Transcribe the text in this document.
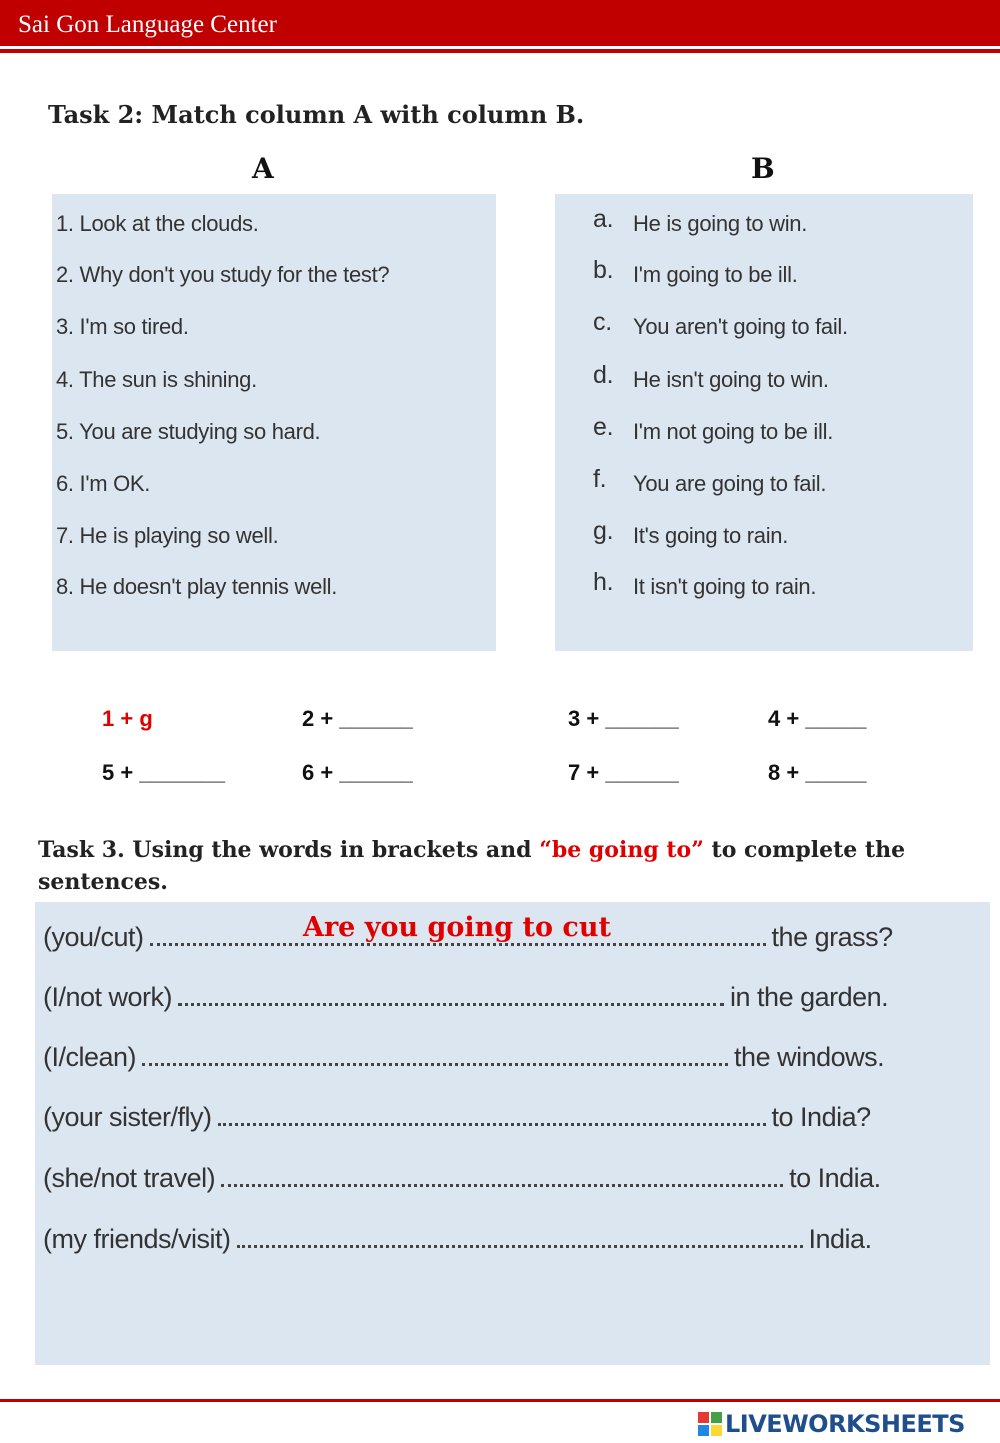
Sai Gon Language Center
Task 2: Match column A with column B.
A	B
1. Look at the clouds.
2. Why don't you study for the test?
3. I'm so tired.
4. The sun is shining.
5. You are studying so hard.
6. I'm OK.
7. He is playing so well.
8. He doesn't play tennis well.
a. He is going to win.
b. I'm going to be ill.
c. You aren't going to fail.
d. He isn't going to win.
e. I'm not going to be ill.
f. You are going to fail.
g. It's going to rain.
h. It isn't going to rain.
1 + g	2 + ______	3 + ______	4 + _____
5 + _______	6 + ______	7 + ______	8 + _____
Task 3. Using the words in brackets and “be going to” to complete the sentences.
(you/cut)	the grass?
Are you going to cut
(I/not work)	in the garden.
(I/clean)	the windows.
(your sister/fly)	to India?
(she/not travel)	to India.
(my friends/visit)	India.
LIVEWORKSHEETS
